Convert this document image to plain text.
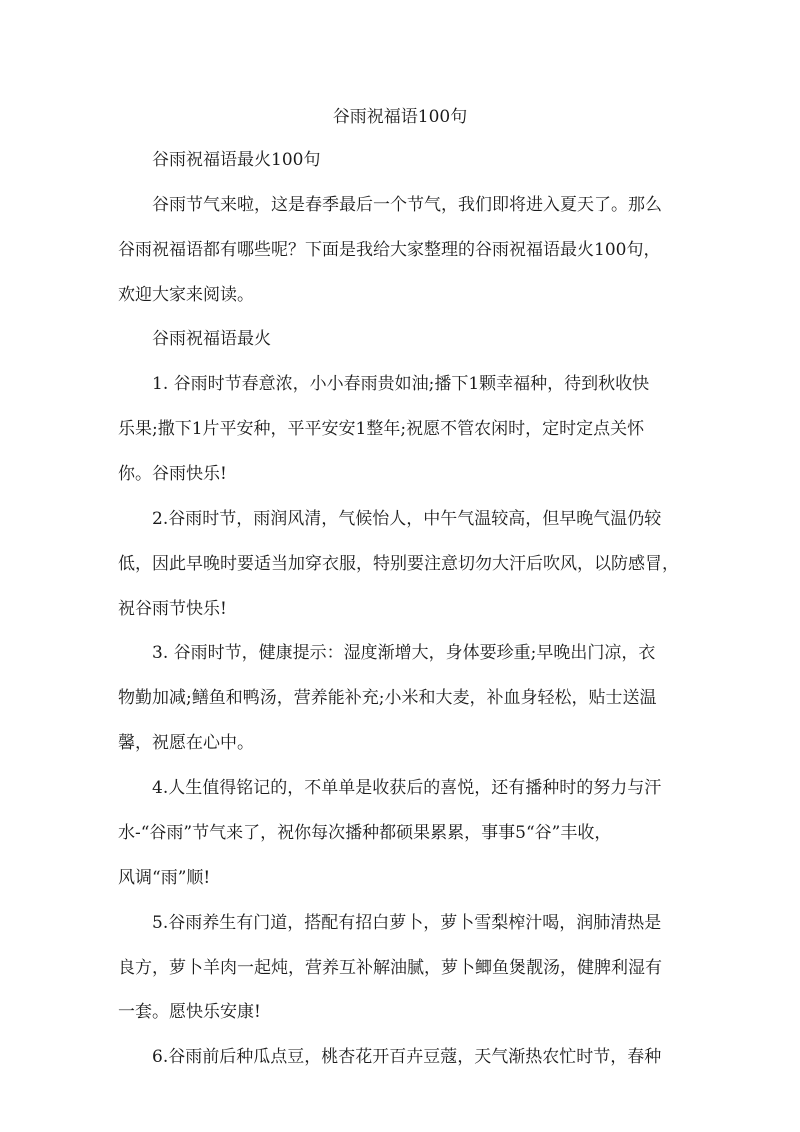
谷雨祝福语100句

谷雨祝福语最火100句

谷雨节气来啦，这是春季最后一个节气，我们即将进入夏天了。那么

谷雨祝福语都有哪些呢？下面是我给大家整理的谷雨祝福语最火100句，

欢迎大家来阅读。

谷雨祝福语最火

1. 谷雨时节春意浓，小小春雨贵如油;播下1颗幸福种，待到秋收快

乐果;撒下1片平安种，平平安安1整年;祝愿不管农闲时，定时定点关怀

你。谷雨快乐!

2.谷雨时节，雨润风清，气候怡人，中午气温较高，但早晚气温仍较

低，因此早晚时要适当加穿衣服，特别要注意切勿大汗后吹风，以防感冒，

祝谷雨节快乐!

3. 谷雨时节，健康提示：湿度渐增大，身体要珍重;早晚出门凉，衣

物勤加减;鳝鱼和鸭汤，营养能补充;小米和大麦，补血身轻松，贴士送温

馨，祝愿在心中。

4.人生值得铭记的，不单单是收获后的喜悦，还有播种时的努力与汗

水-“谷雨”节气来了，祝你每次播种都硕果累累，事事5“谷”丰收，

风调“雨”顺!

5.谷雨养生有门道，搭配有招白萝卜，萝卜雪梨榨汁喝，润肺清热是

良方，萝卜羊肉一起炖，营养互补解油腻，萝卜鲫鱼煲靓汤，健脾利湿有

一套。愿快乐安康!

6.谷雨前后种瓜点豆，桃杏花开百卉豆蔻，天气渐热农忙时节，春种
